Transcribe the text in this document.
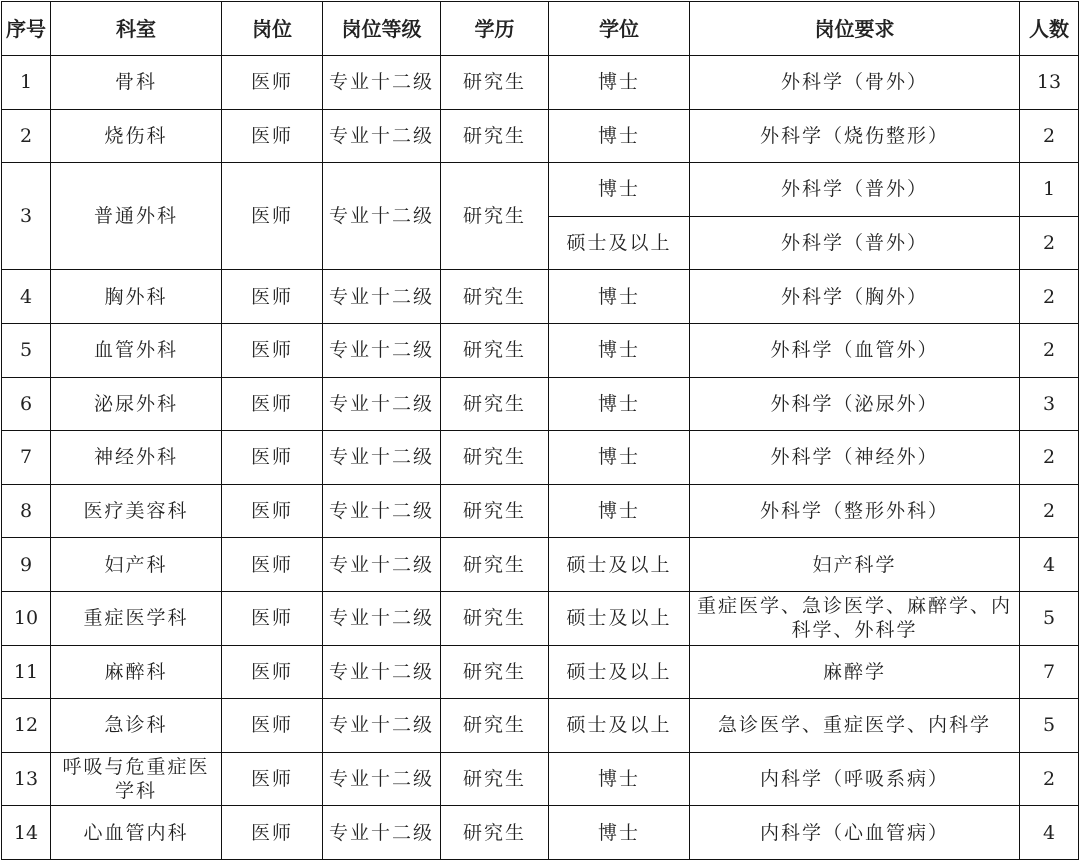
序号	科室	岗位	岗位等级	学历	学位	岗位要求	人数
1	骨科	医师	专业十二级	研究生	博士	外科学（骨外）	13
2	烧伤科	医师	专业十二级	研究生	博士	外科学（烧伤整形）	2
3	普通外科	医师	专业十二级	研究生	博士	外科学（普外）	1
					硕士及以上	外科学（普外）	2
4	胸外科	医师	专业十二级	研究生	博士	外科学（胸外）	2
5	血管外科	医师	专业十二级	研究生	博士	外科学（血管外）	2
6	泌尿外科	医师	专业十二级	研究生	博士	外科学（泌尿外）	3
7	神经外科	医师	专业十二级	研究生	博士	外科学（神经外）	2
8	医疗美容科	医师	专业十二级	研究生	博士	外科学（整形外科）	2
9	妇产科	医师	专业十二级	研究生	硕士及以上	妇产科学	4
10	重症医学科	医师	专业十二级	研究生	硕士及以上	重症医学、急诊医学、麻醉学、内科学、外科学	5
11	麻醉科	医师	专业十二级	研究生	硕士及以上	麻醉学	7
12	急诊科	医师	专业十二级	研究生	硕士及以上	急诊医学、重症医学、内科学	5
13	呼吸与危重症医学科	医师	专业十二级	研究生	博士	内科学（呼吸系病）	2
14	心血管内科	医师	专业十二级	研究生	博士	内科学（心血管病）	4
